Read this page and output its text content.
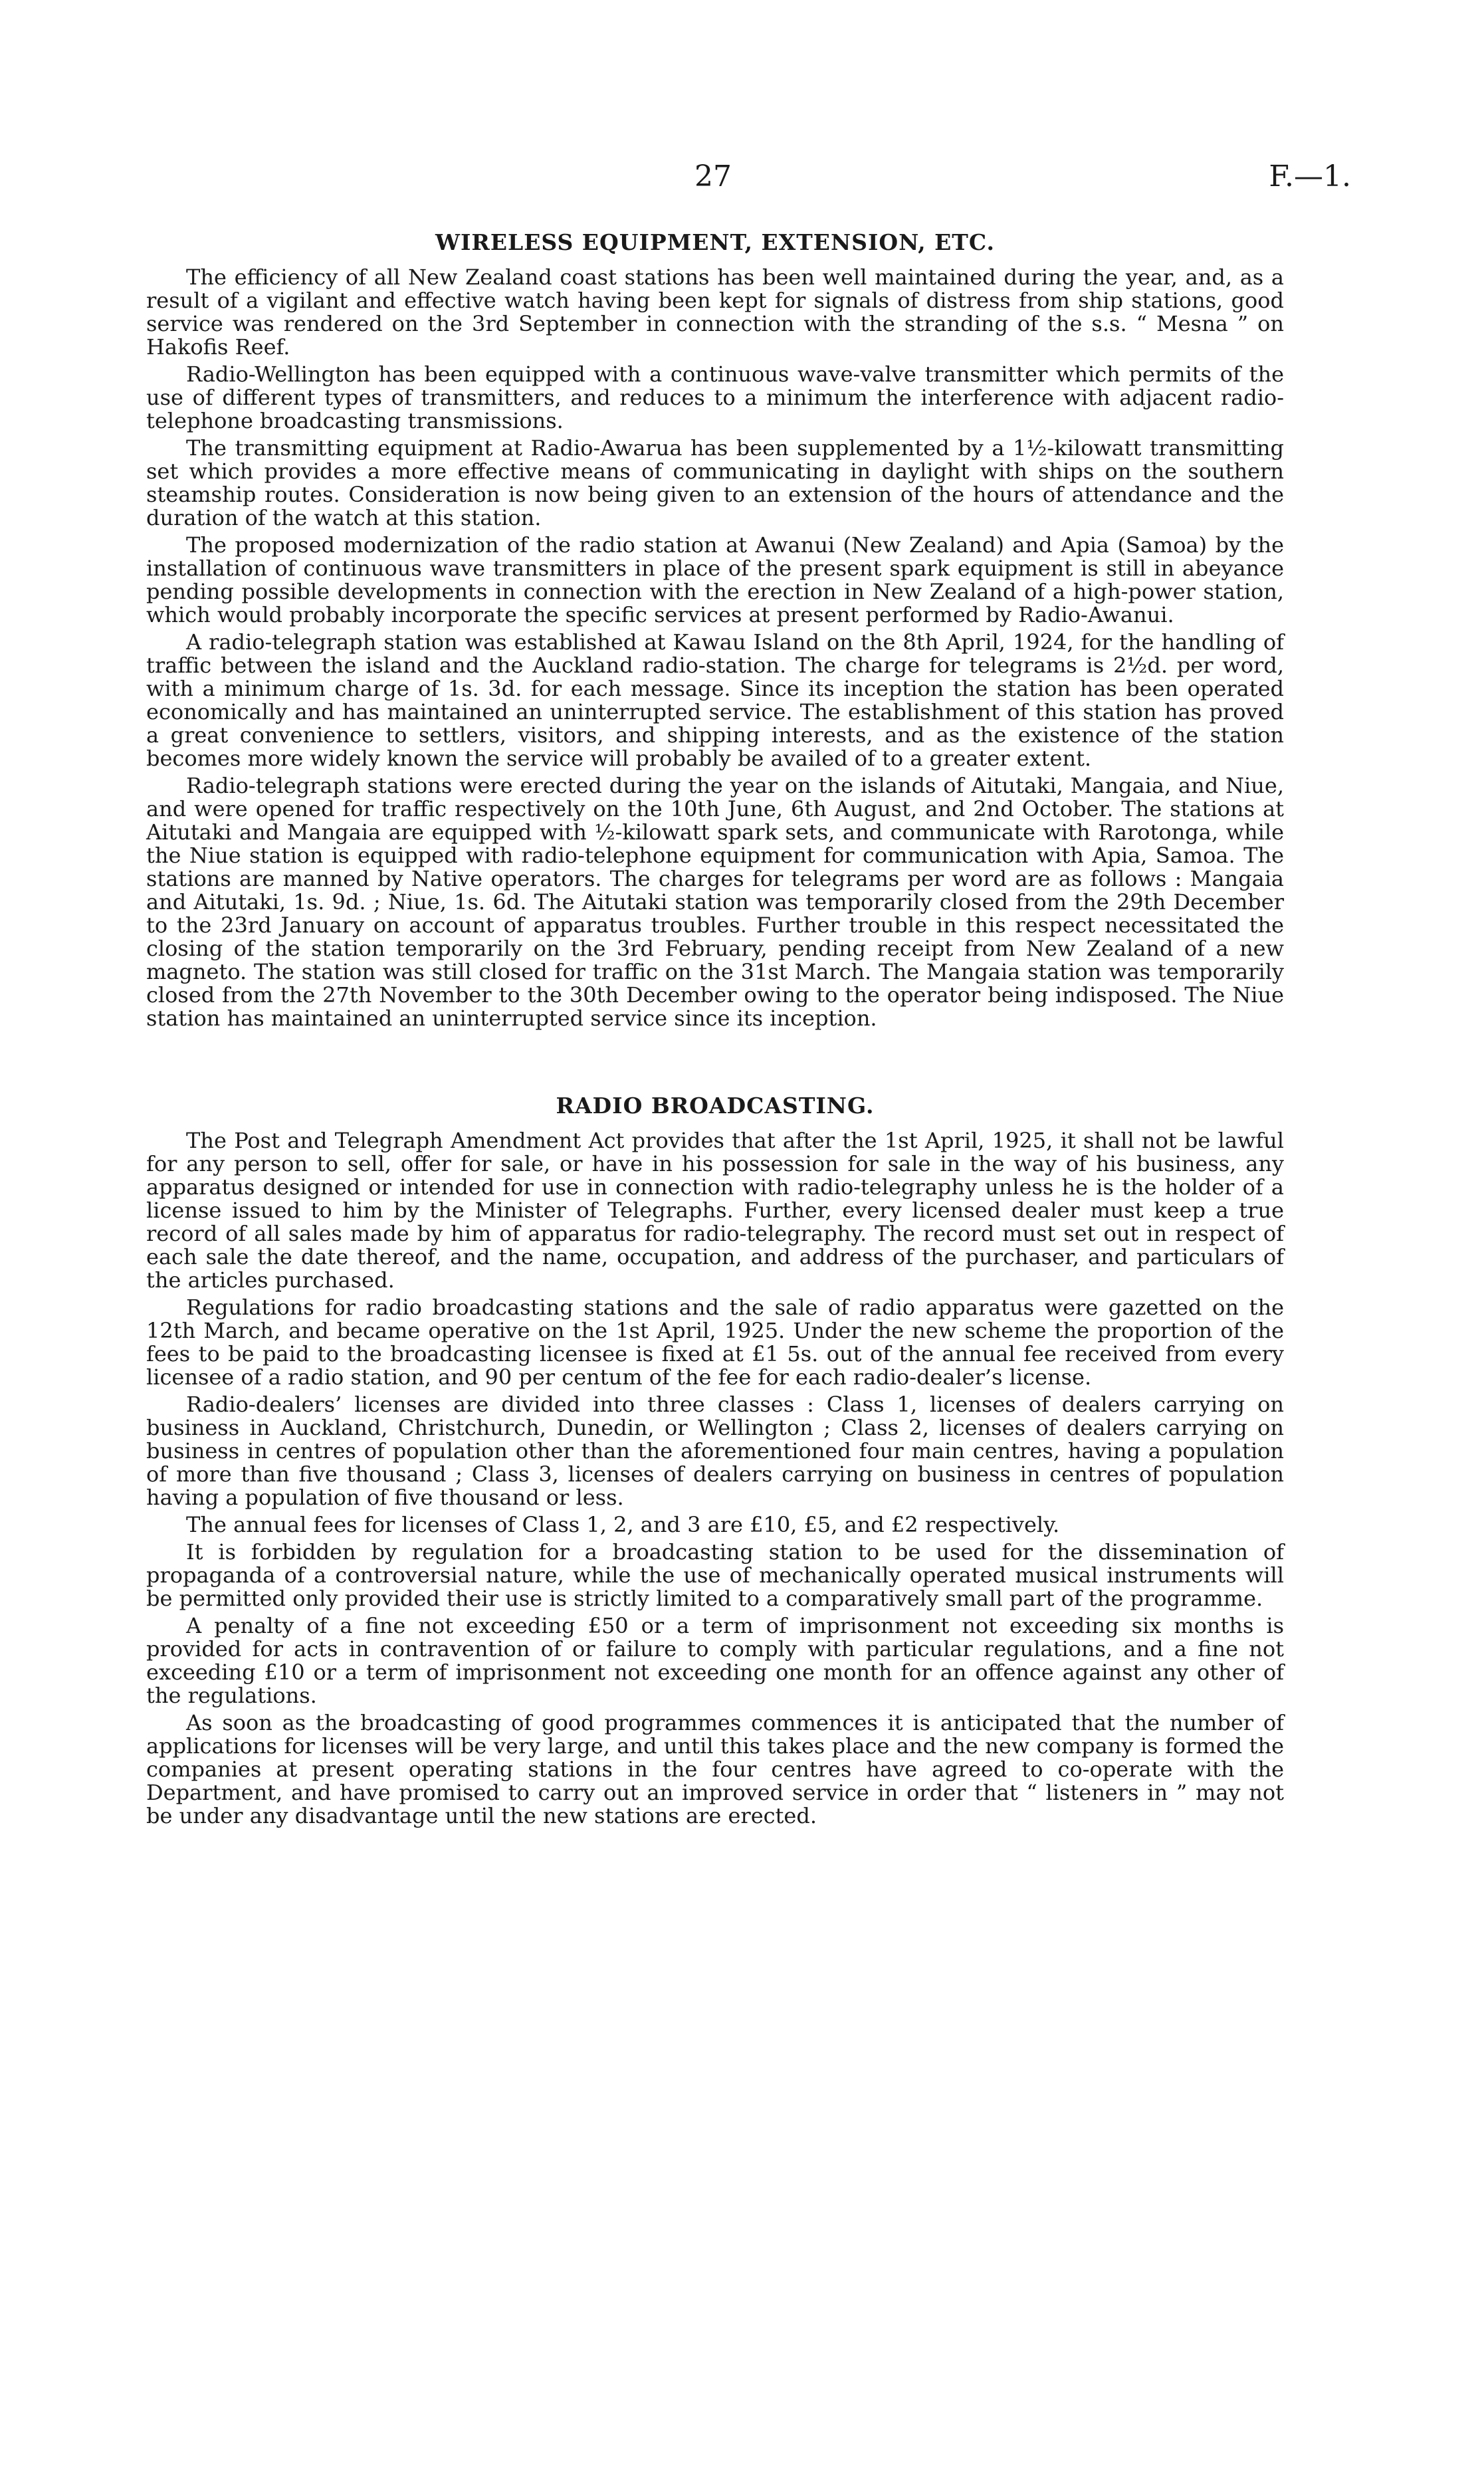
27	F.—1.
WIRELESS EQUIPMENT, EXTENSION, ETC.

The efficiency of all New Zealand coast stations has been well maintained during the year, and, as a result of a vigilant and effective watch having been kept for signals of distress from ship stations, good service was rendered on the 3rd September in connection with the stranding of the s.s. “ Mesna ” on Hakofis Reef.

Radio-Wellington has been equipped with a continuous wave-valve transmitter which permits of the use of different types of transmitters, and reduces to a minimum the interference with adjacent radio-telephone broadcasting transmissions.

The transmitting equipment at Radio-Awarua has been supplemented by a 1½-kilowatt transmitting set which provides a more effective means of communicating in daylight with ships on the southern steamship routes. Consideration is now being given to an extension of the hours of attendance and the duration of the watch at this station.

The proposed modernization of the radio station at Awanui (New Zealand) and Apia (Samoa) by the installation of continuous wave transmitters in place of the present spark equipment is still in abeyance pending possible developments in connection with the erection in New Zealand of a high-power station, which would probably incorporate the specific services at present performed by Radio-Awanui.

A radio-telegraph station was established at Kawau Island on the 8th April, 1924, for the handling of traffic between the island and the Auckland radio-station. The charge for telegrams is 2½d. per word, with a minimum charge of 1s. 3d. for each message. Since its inception the station has been operated economically and has maintained an uninterrupted service. The establishment of this station has proved a great convenience to settlers, visitors, and shipping interests, and as the existence of the station becomes more widely known the service will probably be availed of to a greater extent.

Radio-telegraph stations were erected during the year on the islands of Aitutaki, Mangaia, and Niue, and were opened for traffic respectively on the 10th June, 6th August, and 2nd October. The stations at Aitutaki and Mangaia are equipped with ½-kilowatt spark sets, and communicate with Rarotonga, while the Niue station is equipped with radio-telephone equipment for communication with Apia, Samoa. The stations are manned by Native operators. The charges for telegrams per word are as follows : Mangaia and Aitutaki, 1s. 9d. ; Niue, 1s. 6d. The Aitutaki station was temporarily closed from the 29th December to the 23rd January on account of apparatus troubles. Further trouble in this respect necessitated the closing of the station temporarily on the 3rd February, pending receipt from New Zealand of a new magneto. The station was still closed for traffic on the 31st March. The Mangaia station was temporarily closed from the 27th November to the 30th December owing to the operator being indisposed. The Niue station has maintained an uninterrupted service since its inception.

RADIO BROADCASTING.

The Post and Telegraph Amendment Act provides that after the 1st April, 1925, it shall not be lawful for any person to sell, offer for sale, or have in his possession for sale in the way of his business, any apparatus designed or intended for use in connection with radio-telegraphy unless he is the holder of a license issued to him by the Minister of Telegraphs. Further, every licensed dealer must keep a true record of all sales made by him of apparatus for radio-telegraphy. The record must set out in respect of each sale the date thereof, and the name, occupation, and address of the purchaser, and particulars of the articles purchased.

Regulations for radio broadcasting stations and the sale of radio apparatus were gazetted on the 12th March, and became operative on the 1st April, 1925. Under the new scheme the proportion of the fees to be paid to the broadcasting licensee is fixed at £1 5s. out of the annual fee received from every licensee of a radio station, and 90 per centum of the fee for each radio-dealer’s license.

Radio-dealers’ licenses are divided into three classes : Class 1, licenses of dealers carrying on business in Auckland, Christchurch, Dunedin, or Wellington ; Class 2, licenses of dealers carrying on business in centres of population other than the aforementioned four main centres, having a population of more than five thousand ; Class 3, licenses of dealers carrying on business in centres of population having a population of five thousand or less.

The annual fees for licenses of Class 1, 2, and 3 are £10, £5, and £2 respectively.

It is forbidden by regulation for a broadcasting station to be used for the dissemination of propaganda of a controversial nature, while the use of mechanically operated musical instruments will be permitted only provided their use is strictly limited to a comparatively small part of the programme.

A penalty of a fine not exceeding £50 or a term of imprisonment not exceeding six months is provided for acts in contravention of or failure to comply with particular regulations, and a fine not exceeding £10 or a term of imprisonment not exceeding one month for an offence against any other of the regulations.

As soon as the broadcasting of good programmes commences it is anticipated that the number of applications for licenses will be very large, and until this takes place and the new company is formed the companies at present operating stations in the four centres have agreed to co-operate with the Department, and have promised to carry out an improved service in order that “ listeners in ” may not be under any disadvantage until the new stations are erected.
